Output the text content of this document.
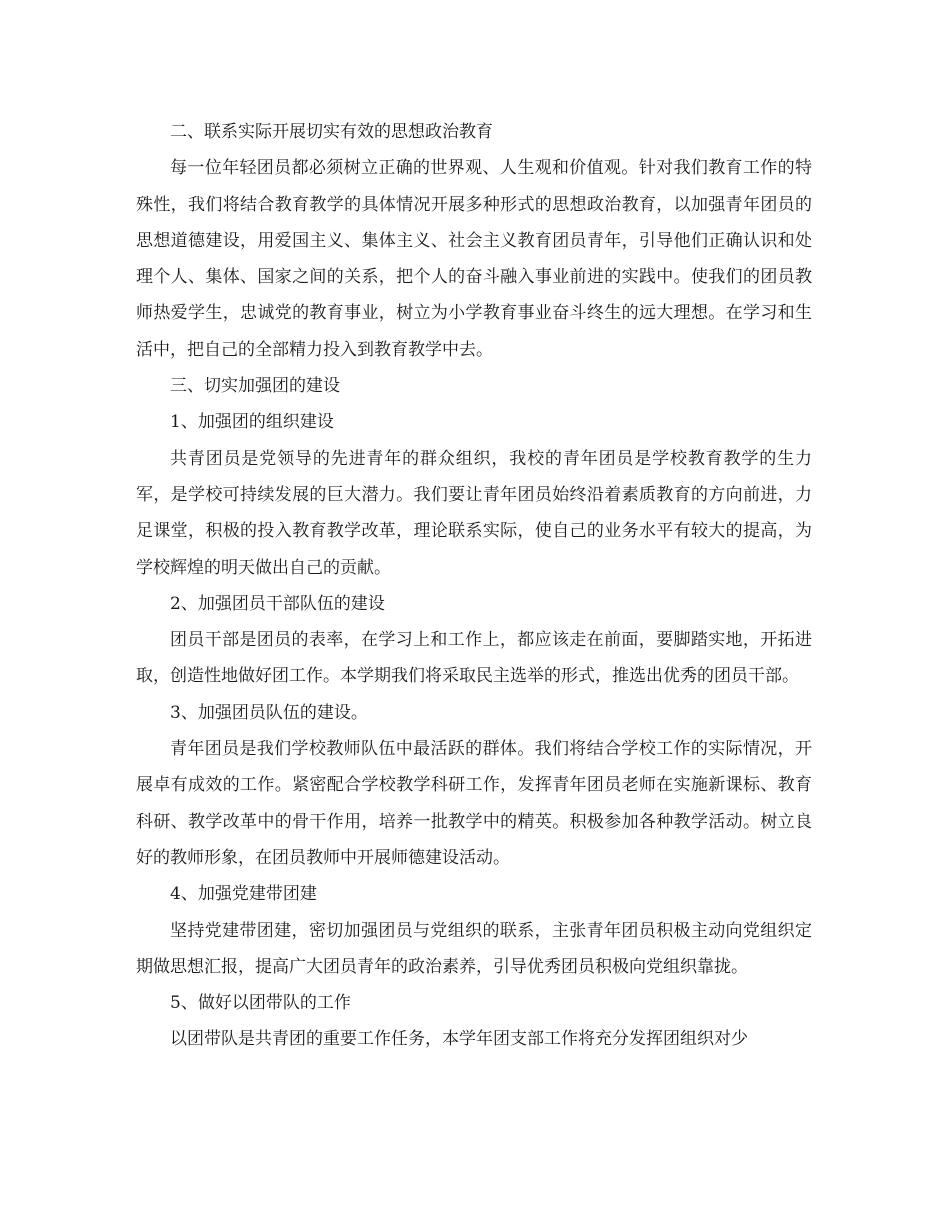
二、联系实际开展切实有效的思想政治教育

每一位年轻团员都必须树立正确的世界观、人生观和价值观。针对我们教育工作的特殊性，我们将结合教育教学的具体情况开展多种形式的思想政治教育，以加强青年团员的思想道德建设，用爱国主义、集体主义、社会主义教育团员青年，引导他们正确认识和处理个人、集体、国家之间的关系，把个人的奋斗融入事业前进的实践中。使我们的团员教师热爱学生，忠诚党的教育事业，树立为小学教育事业奋斗终生的远大理想。在学习和生活中，把自己的全部精力投入到教育教学中去。

三、切实加强团的建设

1、加强团的组织建设

共青团员是党领导的先进青年的群众组织，我校的青年团员是学校教育教学的生力军，是学校可持续发展的巨大潜力。我们要让青年团员始终沿着素质教育的方向前进，力足课堂，积极的投入教育教学改革，理论联系实际，使自己的业务水平有较大的提高，为学校辉煌的明天做出自己的贡献。

2、加强团员干部队伍的建设

团员干部是团员的表率，在学习上和工作上，都应该走在前面，要脚踏实地，开拓进取，创造性地做好团工作。本学期我们将采取民主选举的形式，推选出优秀的团员干部。

3、加强团员队伍的建设。

青年团员是我们学校教师队伍中最活跃的群体。我们将结合学校工作的实际情况，开展卓有成效的工作。紧密配合学校教学科研工作，发挥青年团员老师在实施新课标、教育科研、教学改革中的骨干作用，培养一批教学中的精英。积极参加各种教学活动。树立良好的教师形象，在团员教师中开展师德建设活动。

4、加强党建带团建

坚持党建带团建，密切加强团员与党组织的联系，主张青年团员积极主动向党组织定期做思想汇报，提高广大团员青年的政治素养，引导优秀团员积极向党组织靠拢。

5、做好以团带队的工作

以团带队是共青团的重要工作任务，本学年团支部工作将充分发挥团组织对少
